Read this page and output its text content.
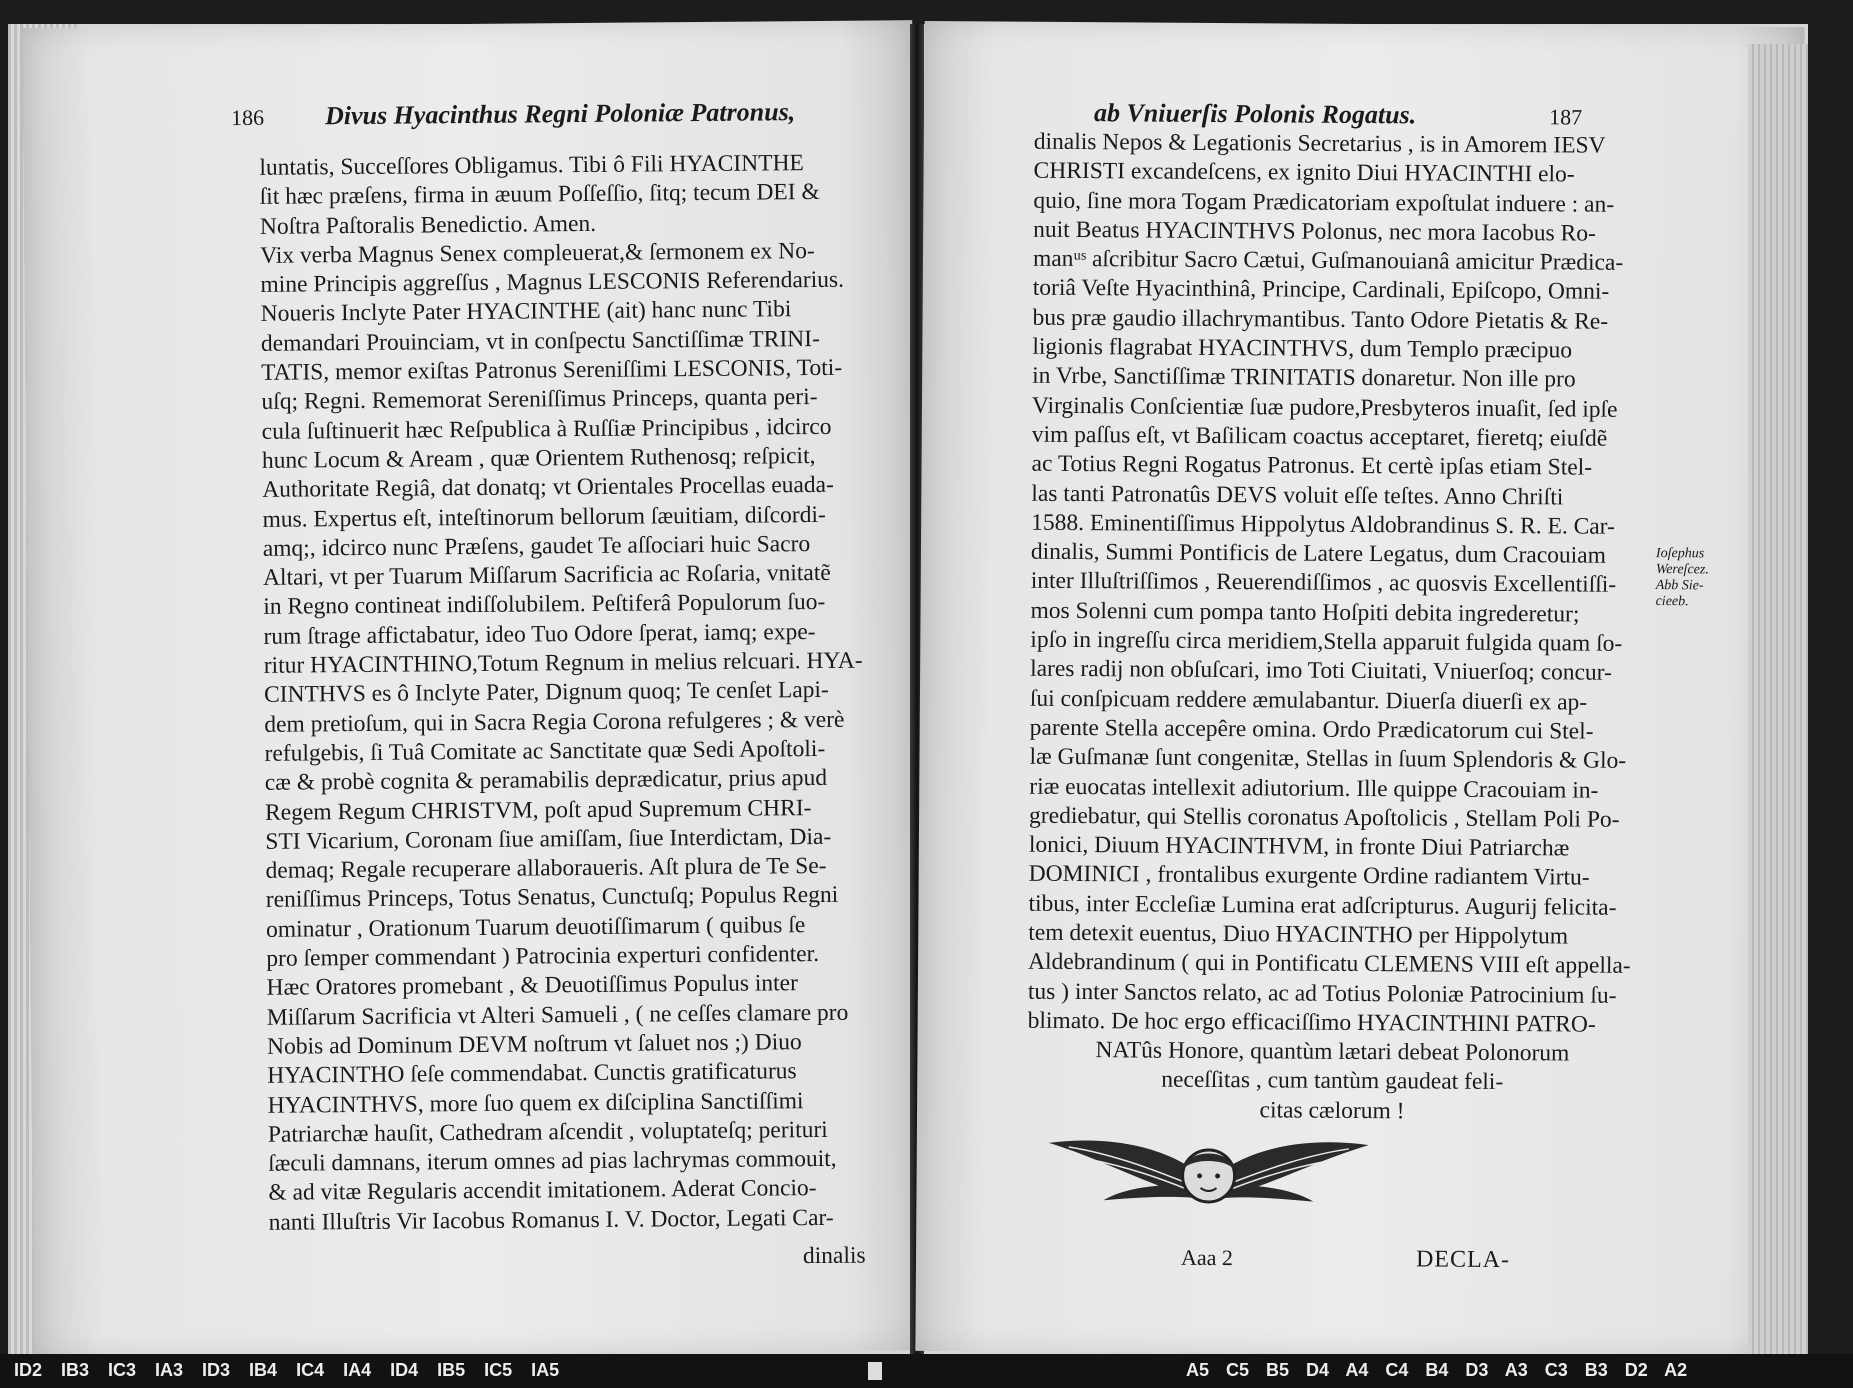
186 Divus Hyacinthus Regni Poloniæ Patronus,
luntatis, Succeſſores Obligamus. Tibi ô Fili HYACINTHE
ſit hæc præſens, firma in æuum Poſſeſſio, ſitq; tecum DEI &
Noſtra Paſtoralis Benedictio. Amen.
Vix verba Magnus Senex compleuerat,& ſermonem ex No-
mine Principis aggreſſus , Magnus LESCONIS Referendarius.
Noueris Inclyte Pater HYACINTHE (ait) hanc nunc Tibi
demandari Prouinciam, vt in conſpectu Sanctiſſimæ TRINI-
TATIS, memor exiſtas Patronus Sereniſſimi LESCONIS, Toti-
uſq; Regni. Rememorat Sereniſſimus Princeps, quanta peri-
cula ſuſtinuerit hæc Reſpublica à Ruſſiæ Principibus , idcirco
hunc Locum & Aream , quæ Orientem Ruthenosq; reſpicit,
Authoritate Regiâ, dat donatq; vt Orientales Procellas euada-
mus. Expertus eſt, inteſtinorum bellorum ſæuitiam, diſcordi-
amq;, idcirco nunc Præſens, gaudet Te aſſociari huic Sacro
Altari, vt per Tuarum Miſſarum Sacrificia ac Roſaria, vnitatẽ
in Regno contineat indiſſolubilem. Peſtiferâ Populorum ſuo-
rum ſtrage affictabatur, ideo Tuo Odore ſperat, iamq; expe-
ritur HYACINTHINO,Totum Regnum in melius relcuari. HYA-
CINTHVS es ô Inclyte Pater, Dignum quoq; Te cenſet Lapi-
dem pretioſum, qui in Sacra Regia Corona refulgeres ; & verè
refulgebis, ſi Tuâ Comitate ac Sanctitate quæ Sedi Apoſtoli-
cæ & probè cognita & peramabilis deprædicatur, prius apud
Regem Regum CHRISTVM, poſt apud Supremum CHRI-
STI Vicarium, Coronam ſiue amiſſam, ſiue Interdictam, Dia-
demaq; Regale recuperare allaboraueris. Aſt plura de Te Se-
reniſſimus Princeps, Totus Senatus, Cunctuſq; Populus Regni
ominatur , Orationum Tuarum deuotiſſimarum ( quibus ſe
pro ſemper commendant ) Patrocinia experturi confidenter.
Hæc Oratores promebant , & Deuotiſſimus Populus inter
Miſſarum Sacrificia vt Alteri Samueli , ( ne ceſſes clamare pro
Nobis ad Dominum DEVM noſtrum vt ſaluet nos ;) Diuo
HYACINTHO ſeſe commendabat. Cunctis gratificaturus
HYACINTHVS, more ſuo quem ex diſciplina Sanctiſſimi
Patriarchæ hauſit, Cathedram aſcendit , voluptateſq; perituri
ſæculi damnans, iterum omnes ad pias lachrymas commouit,
& ad vitæ Regularis accendit imitationem. Aderat Concio-
nanti Illuſtris Vir Iacobus Romanus I. V. Doctor, Legati Car-
dinalis
ab Vniuerſis Polonis Rogatus.	187
dinalis Nepos & Legationis Secretarius , is in Amorem IESV
CHRISTI excandeſcens, ex ignito Diui HYACINTHI elo-
quio, ſine mora Togam Prædicatoriam expoſtulat induere : an-
nuit Beatus HYACINTHVS Polonus, nec mora Iacobus Ro-
manᵘˢ aſcribitur Sacro Cætui, Guſmanouianâ amicitur Prædica-
toriâ Veſte Hyacinthinâ, Principe, Cardinali, Epiſcopo, Omni-
bus præ gaudio illachrymantibus. Tanto Odore Pietatis & Re-
ligionis flagrabat HYACINTHVS, dum Templo præcipuo
in Vrbe, Sanctiſſimæ TRINITATIS donaretur. Non ille pro
Virginalis Conſcientiæ ſuæ pudore,Presbyteros inuaſit, ſed ipſe
vim paſſus eſt, vt Baſilicam coactus acceptaret, fieretq; eiuſdẽ
ac Totius Regni Rogatus Patronus. Et certè ipſas etiam Stel-
las tanti Patronatûs DEVS voluit eſſe teſtes. Anno Chriſti
1588. Eminentiſſimus Hippolytus Aldobrandinus S. R. E. Car-
dinalis, Summi Pontificis de Latere Legatus, dum Cracouiam
inter Illuſtriſſimos , Reuerendiſſimos , ac quosvis Excellentiſſi-
mos Solenni cum pompa tanto Hoſpiti debita ingrederetur;
ipſo in ingreſſu circa meridiem,Stella apparuit fulgida quam ſo-
lares radij non obſuſcari, imo Toti Ciuitati, Vniuerſoq; concur-
ſui conſpicuam reddere æmulabantur. Diuerſa diuerſi ex ap-
parente Stella accepêre omina. Ordo Prædicatorum cui Stel-
læ Guſmanæ ſunt congenitæ, Stellas in ſuum Splendoris & Glo-
riæ euocatas intellexit adiutorium. Ille quippe Cracouiam in-
grediebatur, qui Stellis coronatus Apoſtolicis , Stellam Poli Po-
lonici, Diuum HYACINTHVM, in fronte Diui Patriarchæ
DOMINICI , frontalibus exurgente Ordine radiantem Virtu-
tibus, inter Eccleſiæ Lumina erat adſcripturus. Augurij felicita-
tem detexit euentus, Diuo HYACINTHO per Hippolytum
Aldebrandinum ( qui in Pontificatu CLEMENS VIII eſt appella-
tus ) inter Sanctos relato, ac ad Totius Poloniæ Patrocinium ſu-
blimato. De hoc ergo efficaciſſimo HYACINTHINI PATRO-
NATûs Honore, quantùm lætari debeat Polonorum
neceſſitas , cum tantùm gaudeat feli-
citas cælorum !
Ioſephus
Wereſcez.
Abb Sie-
cieeb.
Aaa 2	DECLA-
ID2 IB3 IC3 IA3 ID3 IB4 IC4 IA4 ID4 IB5 IC5 IA5	A5 C5 B5 D4 A4 C4 B4 D3 A3 C3 B3 D2 A2
